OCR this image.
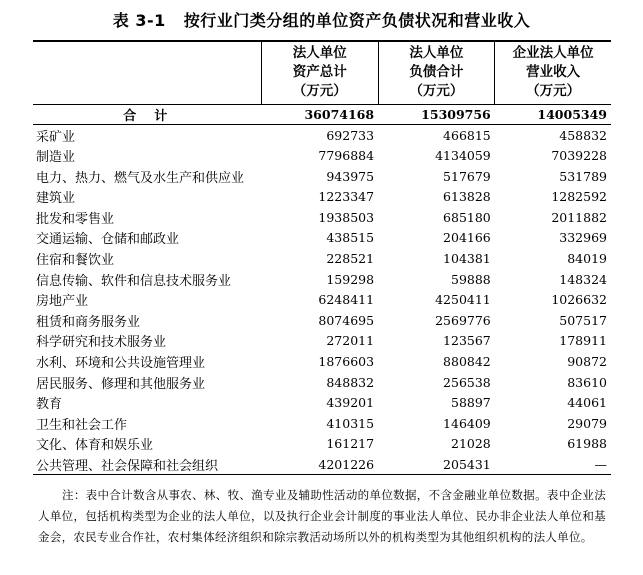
表 3-1 按行业门类分组的单位资产负债状况和营业收入

	法人单位
资产总计
（万元）	法人单位
负债合计
（万元）	企业法人单位
营业收入
（万元）

合计	36074168	15309756	14005349
采矿业	692733	466815	458832
制造业	7796884	4134059	7039228
电力、热力、燃气及水生产和供应业	943975	517679	531789
建筑业	1223347	613828	1282592
批发和零售业	1938503	685180	2011882
交通运输、仓储和邮政业	438515	204166	332969
住宿和餐饮业	228521	104381	84019
信息传输、软件和信息技术服务业	159298	59888	148324
房地产业	6248411	4250411	1026632
租赁和商务服务业	8074695	2569776	507517
科学研究和技术服务业	272011	123567	178911
水利、环境和公共设施管理业	1876603	880842	90872
居民服务、修理和其他服务业	848832	256538	83610
教育	439201	58897	44061
卫生和社会工作	410315	146409	29079
文化、体育和娱乐业	161217	21028	61988
公共管理、社会保障和社会组织	4201226	205431	—
注：表中合计数含从事农、林、牧、渔专业及辅助性活动的单位数据，不含金融业单位数据。表中企业法人单位，包括机构类型为企业的法人单位，以及执行企业会计制度的事业法人单位、民办非企业法人单位和基金会，农民专业合作社，农村集体经济组织和除宗教活动场所以外的机构类型为其他组织机构的法人单位。
